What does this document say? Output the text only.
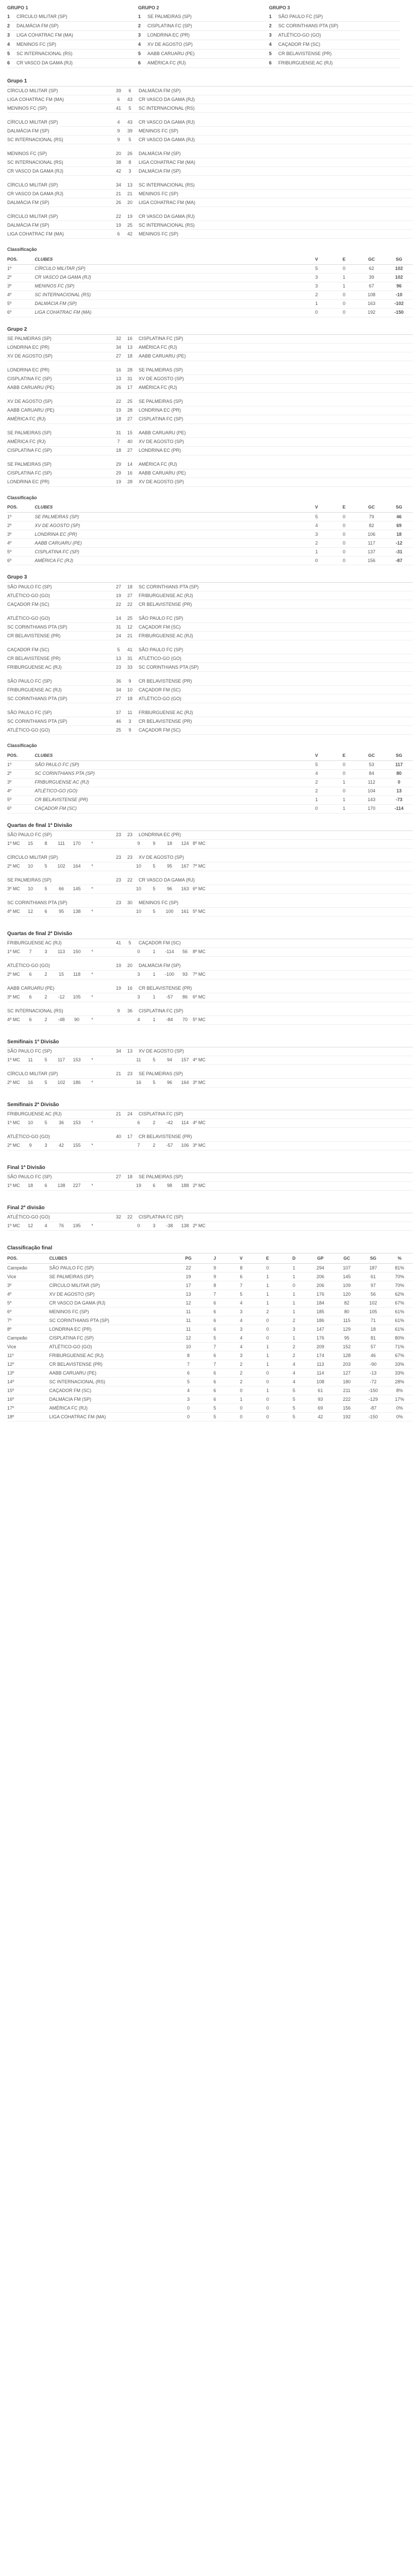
GRUPO 1
1	CÍRCULO MILITAR (SP)
2	DALMÁCIA FM (SP)
3	LIGA COHATRAC FM (MA)
4	MENINOS FC (SP)
5	SC INTERNACIONAL (RS)
6	CR VASCO DA GAMA (RJ)
GRUPO 2
1	SE PALMEIRAS (SP)
2	CISPLATINA FC (SP)
3	LONDRINA EC (PR)
4	XV DE AGOSTO (SP)
5	AABB CARUARU (PE)
6	AMÉRICA FC (RJ)
GRUPO 3
1	SÃO PAULO FC (SP)
2	SC CORINTHIANS PTA (SP)
3	ATLÉTICO-GO (GO)
4	CAÇADOR FM (SC)
5	CR BELAVISTENSE (PR)
6	FRIBURGUENSE AC (RJ)
Grupo 1
CÍRCULO MILITAR (SP)	39	6	DALMÁCIA FM (SP)
LIGA COHATRAC FM (MA)	6	43	CR VASCO DA GAMA (RJ)
MENINOS FC (SP)	41	5	SC INTERNACIONAL (RS)
CÍRCULO MILITAR (SP)	4	43	CR VASCO DA GAMA (RJ)
DALMÁCIA FM (SP)	9	39	MENINOS FC (SP)
SC INTERNACIONAL (RS)	9	5	CR VASCO DA GAMA (RJ)
MENINOS FC (SP)	20	26	DALMÁCIA FM (SP)
SC INTERNACIONAL (RS)	38	8	LIGA COHATRAC FM (MA)
CR VASCO DA GAMA (RJ)	42	3	DALMÁCIA FM (SP)
CÍRCULO MILITAR (SP)	34	13	SC INTERNACIONAL (RS)
CR VASCO DA GAMA (RJ)	21	21	MENINOS FC (SP)
DALMÁCIA FM (SP)	26	20	LIGA COHATRAC FM (MA)
CÍRCULO MILITAR (SP)	22	19	CR VASCO DA GAMA (RJ)
DALMÁCIA FM (SP)	19	25	SC INTERNACIONAL (RS)
LIGA COHATRAC FM (MA)	6	42	MENINOS FC (SP)
Classificação
POS.	CLUBES	V	E	GC	SG
1º	CÍRCULO MILITAR (SP)	5	0	62	102
2º	CR VASCO DA GAMA (RJ)	3	1	39	102
3º	MENINOS FC (SP)	3	1	67	96
4º	SC INTERNACIONAL (RS)	2	0	108	-10
5º	DALMÁCIA FM (SP)	1	0	163	-102
6º	LIGA COHATRAC FM (MA)	0	0	192	-150
Grupo 2
SE PALMEIRAS (SP)	32	16	CISPLATINA FC (SP)
LONDRINA EC (PR)	34	13	AMÉRICA FC (RJ)
XV DE AGOSTO (SP)	27	18	AABB CARUARU (PE)
LONDRINA EC (PR)	16	28	SE PALMEIRAS (SP)
CISPLATINA FC (SP)	13	31	XV DE AGOSTO (SP)
AABB CARUARU (PE)	26	17	AMÉRICA FC (RJ)
XV DE AGOSTO (SP)	22	25	SE PALMEIRAS (SP)
AABB CARUARU (PE)	19	28	LONDRINA EC (PR)
AMÉRICA FC (RJ)	18	27	CISPLATINA FC (SP)
SE PALMEIRAS (SP)	31	15	AABB CARUARU (PE)
AMÉRICA FC (RJ)	7	40	XV DE AGOSTO (SP)
CISPLATINA FC (SP)	18	27	LONDRINA EC (PR)
SE PALMEIRAS (SP)	29	14	AMÉRICA FC (RJ)
CISPLATINA FC (SP)	29	16	AABB CARUARU (PE)
LONDRINA EC (PR)	19	28	XV DE AGOSTO (SP)
Classificação
POS.	CLUBES	V	E	GC	SG
1º	SE PALMEIRAS (SP)	5	0	79	46
2º	XV DE AGOSTO (SP)	4	0	82	69
3º	LONDRINA EC (PR)	3	0	106	18
4º	AABB CARUARU (PE)	2	0	117	-12
5º	CISPLATINA FC (SP)	1	0	137	-31
6º	AMÉRICA FC (RJ)	0	0	156	-87
Grupo 3
SÃO PAULO FC (SP)	27	18	SC CORINTHIANS PTA (SP)
ATLÉTICO-GO (GO)	19	27	FRIBURGUENSE AC (RJ)
CAÇADOR FM (SC)	22	22	CR BELAVISTENSE (PR)
ATLÉTICO-GO (GO)	14	25	SÃO PAULO FC (SP)
SC CORINTHIANS PTA (SP)	31	12	CAÇADOR FM (SC)
CR BELAVISTENSE (PR)	24	21	FRIBURGUENSE AC (RJ)
CAÇADOR FM (SC)	5	41	SÃO PAULO FC (SP)
CR BELAVISTENSE (PR)	13	31	ATLÉTICO-GO (GO)
FRIBURGUENSE AC (RJ)	23	33	SC CORINTHIANS PTA (SP)
SÃO PAULO FC (SP)	36	9	CR BELAVISTENSE (PR)
FRIBURGUENSE AC (RJ)	34	10	CAÇADOR FM (SC)
SC CORINTHIANS PTA (SP)	27	18	ATLÉTICO-GO (GO)
SÃO PAULO FC (SP)	37	11	FRIBURGUENSE AC (RJ)
SC CORINTHIANS PTA (SP)	46	3	CR BELAVISTENSE (PR)
ATLÉTICO-GO (GO)	25	9	CAÇADOR FM (SC)
Classificação
POS.	CLUBES	V	E	GC	SG
1º	SÃO PAULO FC (SP)	5	0	53	117
2º	SC CORINTHIANS PTA (SP)	4	0	84	80
3º	FRIBURGUENSE AC (RJ)	2	1	112	0
4º	ATLÉTICO-GO (GO)	2	0	104	13
5º	CR BELAVISTENSE (PR)	1	1	143	-73
6º	CAÇADOR FM (SC)	0	1	170	-114
Quartas de final 1ª Divisão
SÃO PAULO FC (SP)	23	23	LONDRINA EC (PR)
1º MC	15	8	111	170	*	9	9	18	124 8º MC
CÍRCULO MILITAR (SP)	23	23	XV DE AGOSTO (SP)
2º MC	10	5	102	164	*	10	5	95	167 7º MC
SE PALMEIRAS (SP)	23	22	CR VASCO DA GAMA (RJ)
3º MC	10	5	66	145	*	10	5	96	163 6º MC
SC CORINTHIANS PTA (SP)	23	30	MENINOS FC (SP)
4º MC	12	6	95	138	*	10	5	100	161 5º MC
Quartas de final 2ª Divisão
FRIBURGUENSE AC (RJ)	41	5	CAÇADOR FM (SC)
1º MC	7	3	113	150	*	0	1	-114	56	8º MC
ATLÉTICO-GO (GO)	19	20	DALMÁCIA FM (SP)
2º MC	6	2	15	118	*	3	1	-100	93	7º MC
AABB CARUARU (PE)	19	16	CR BELAVISTENSE (PR)
3º MC	6	2	-12	105	*	3	1	-57	86	6º MC
SC INTERNACIONAL (RS)	9	36	CISPLATINA FC (SP)
4º MC	6	2	-48	90	*	4	1	-84	70	5º MC
Semifinais 1ª Divisão
SÃO PAULO FC (SP)	34	13	XV DE AGOSTO (SP)
1º MC	11	5	117	153	*	11	5	94	157 4º MC
CÍRCULO MILITAR (SP)	21	23	SE PALMEIRAS (SP)
2º MC	16	5	102	186	*	16	5	96	164 3º MC
Semifinais 2ª Divisão
FRIBURGUENSE AC (RJ)	21	24	CISPLATINA FC (SP)
1º MC	10	5	36	153	*	6	2	-42	114 4º MC
ATLÉTICO-GO (GO)	40	17	CR BELAVISTENSE (PR)
2º MC	9	3	42	155	*	7	2	-57	106 3º MC
Final 1ª Divisão
SÃO PAULO FC (SP)	27	18	SE PALMEIRAS (SP)
1º MC	18	6	138	227	*	19	6	98	188 2º MC
Final 2ª divisão
ATLÉTICO-GO (GO)	32	22	CISPLATINA FC (SP)
1º MC	12	4	76	195	*	0	3	-38	138 2º MC
Classificação final
POS.	CLUBES	PG	J	V	E	D	GP	GC	SG	%
Campeão	SÃO PAULO FC (SP)	22	9	8	0	1	294	107	187	81%
Vice	SE PALMEIRAS (SP)	19	9	6	1	1	206	145	61	70%
3º	CÍRCULO MILITAR (SP)	17	8	7	1	0	206	109	97	70%
4º	XV DE AGOSTO (SP)	13	7	5	1	1	176	120	56	62%
5º	CR VASCO DA GAMA (RJ)	12	6	4	1	1	184	82	102	67%
6º	MENINOS FC (SP)	11	6	3	2	1	185	80	105	61%
7º	SC CORINTHIANS PTA (SP)	11	6	4	0	2	186	115	71	61%
8º	LONDRINA EC (PR)	11	6	3	0	3	147	129	18	61%
Campeão	CISPLATINA FC (SP)	12	5	4	0	1	176	95	81	80%
Vice	ATLÉTICO-GO (GO)	10	7	4	1	2	209	152	57	71%
11º	FRIBURGUENSE AC (RJ)	8	6	3	1	2	174	128	46	67%
12º	CR BELAVISTENSE (PR)	7	7	2	1	4	113	203	-90	33%
13º	AABB CARUARU (PE)	6	6	2	0	4	114	127	-13	33%
14º	SC INTERNACIONAL (RS)	5	6	2	0	4	108	180	-72	28%
15º	CAÇADOR FM (SC)	4	6	0	1	5	61	211	-150	8%
16º	DALMÁCIA FM (SP)	3	6	1	0	5	93	222	-129	17%
17º	AMÉRICA FC (RJ)	0	5	0	0	5	69	156	-87	0%
18º	LIGA COHATRAC FM (MA)	0	5	0	0	5	42	192	-150	0%
